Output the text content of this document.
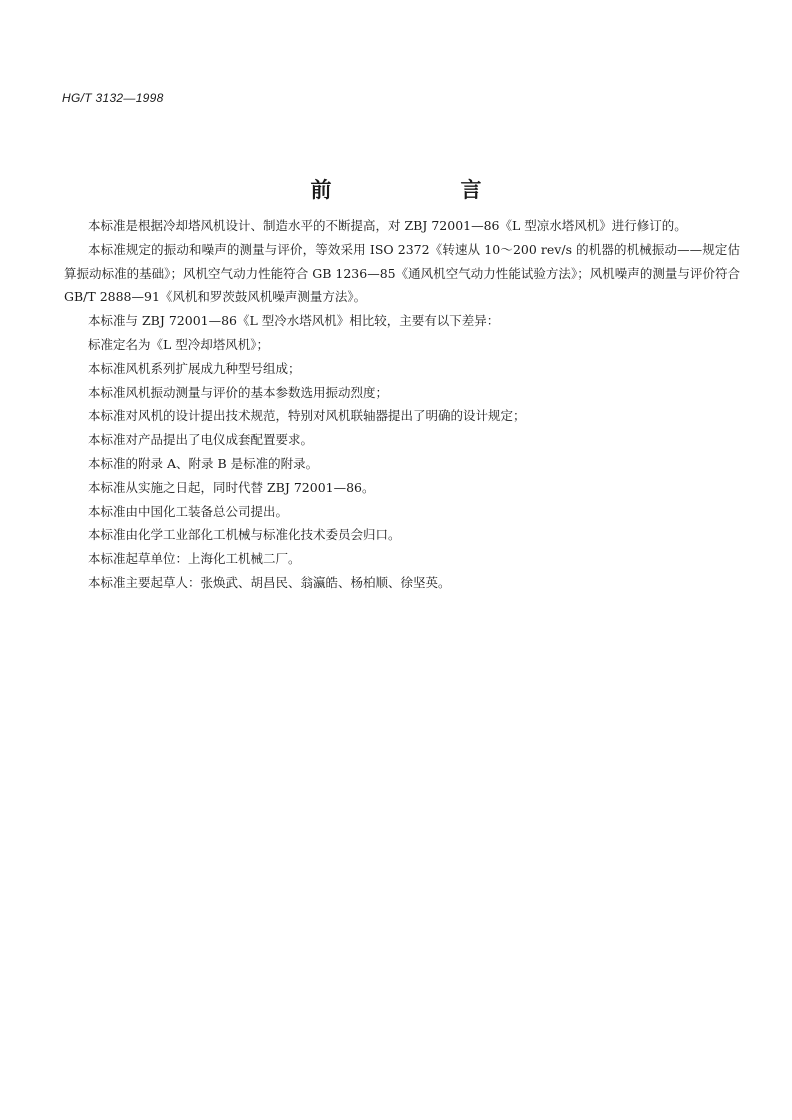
HG/T 3132—1998
前　言

本标准是根据冷却塔风机设计、制造水平的不断提高，对 ZBJ 72001—86《L 型凉水塔风机》进行修订的。

本标准规定的振动和噪声的测量与评价，等效采用 ISO 2372《转速从 10～200 rev/s 的机器的机械振动——规定估算振动标准的基础》；风机空气动力性能符合 GB 1236—85《通风机空气动力性能试验方法》；风机噪声的测量与评价符合 GB/T 2888—91《风机和罗茨鼓风机噪声测量方法》。

本标准与 ZBJ 72001—86《L 型冷水塔风机》相比较，主要有以下差异：

标准定名为《L 型冷却塔风机》；

本标准风机系列扩展成九种型号组成；

本标准风机振动测量与评价的基本参数选用振动烈度；

本标准对风机的设计提出技术规范，特别对风机联轴器提出了明确的设计规定；

本标准对产品提出了电仪成套配置要求。

本标准的附录 A、附录 B 是标准的附录。

本标准从实施之日起，同时代替 ZBJ 72001—86。

本标准由中国化工装备总公司提出。

本标准由化学工业部化工机械与标准化技术委员会归口。

本标准起草单位：上海化工机械二厂。

本标准主要起草人：张焕武、胡昌民、翁瀛皓、杨柏顺、徐坚英。
